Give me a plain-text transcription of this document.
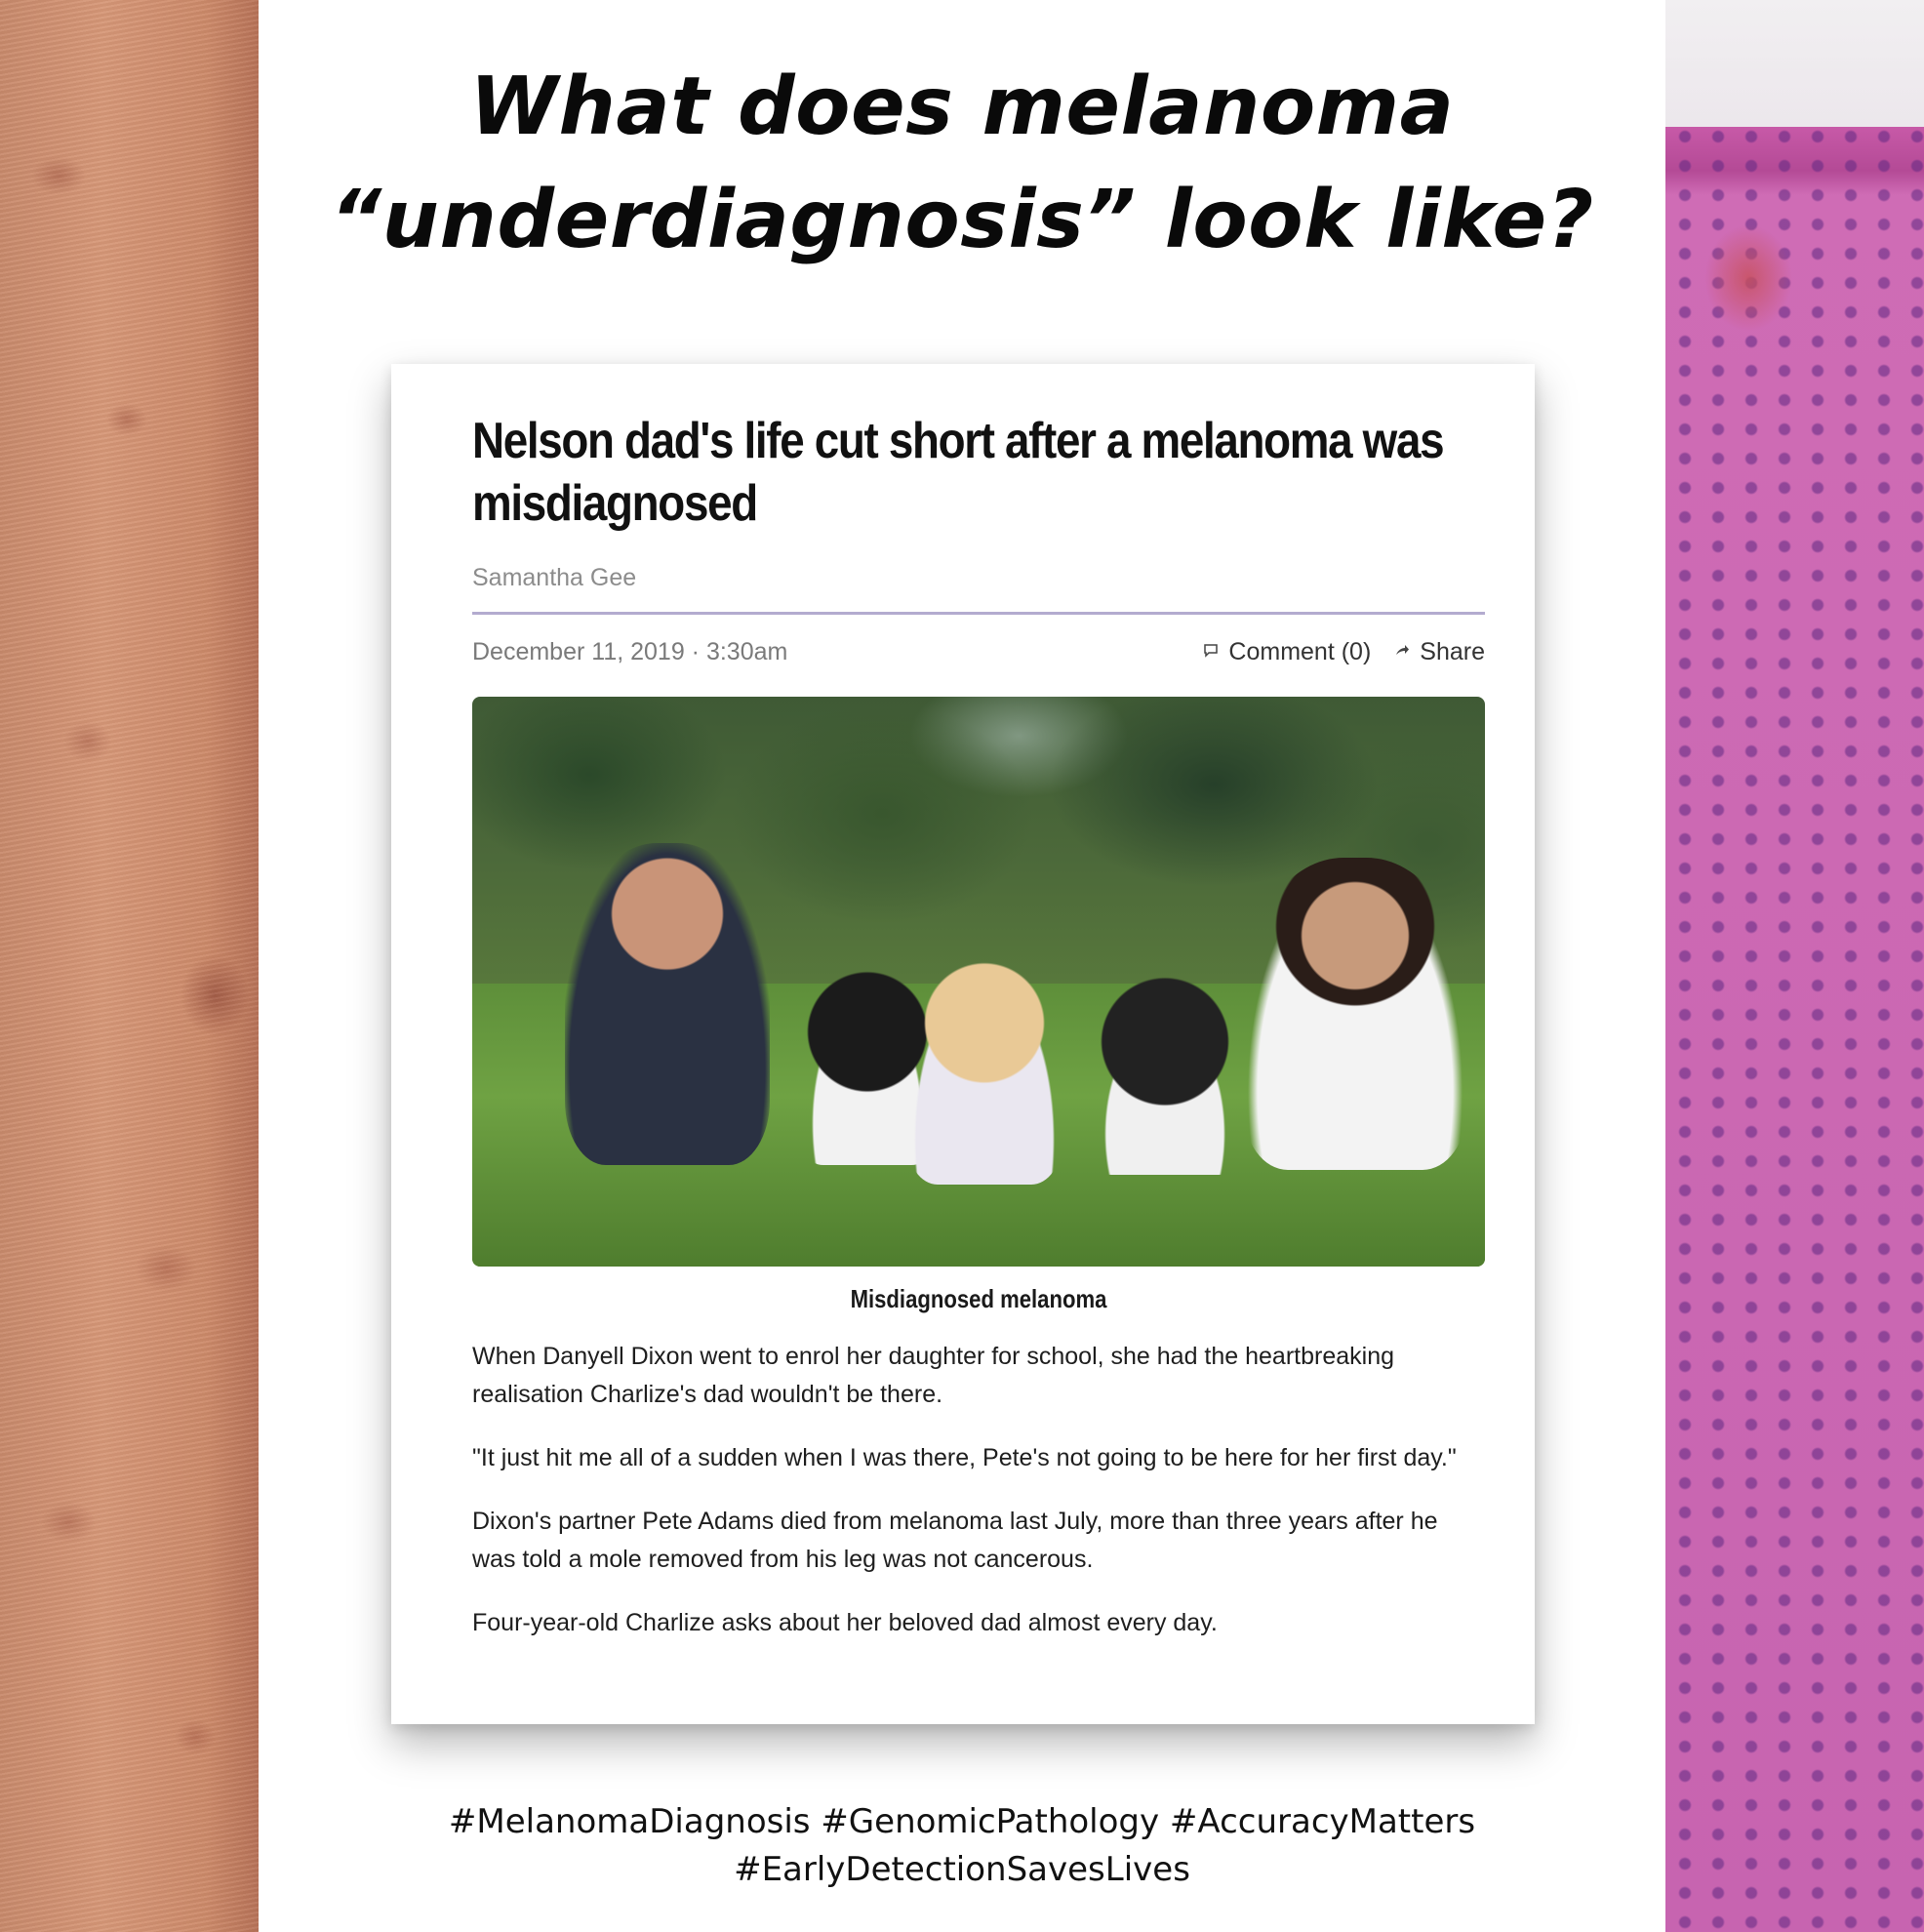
What does melanoma
“underdiagnosis” look like?
Nelson dad's life cut short after a melanoma was misdiagnosed
Samantha Gee
December 11, 2019 · 3:30am	Comment (0) Share
Misdiagnosed melanoma

When Danyell Dixon went to enrol her daughter for school, she had the heartbreaking realisation Charlize's dad wouldn't be there.

"It just hit me all of a sudden when I was there, Pete's not going to be here for her first day."

Dixon's partner Pete Adams died from melanoma last July, more than three years after he was told a mole removed from his leg was not cancerous.

Four-year-old Charlize asks about her beloved dad almost every day.

#MelanomaDiagnosis #GenomicPathology #AccuracyMatters
#EarlyDetectionSavesLives
